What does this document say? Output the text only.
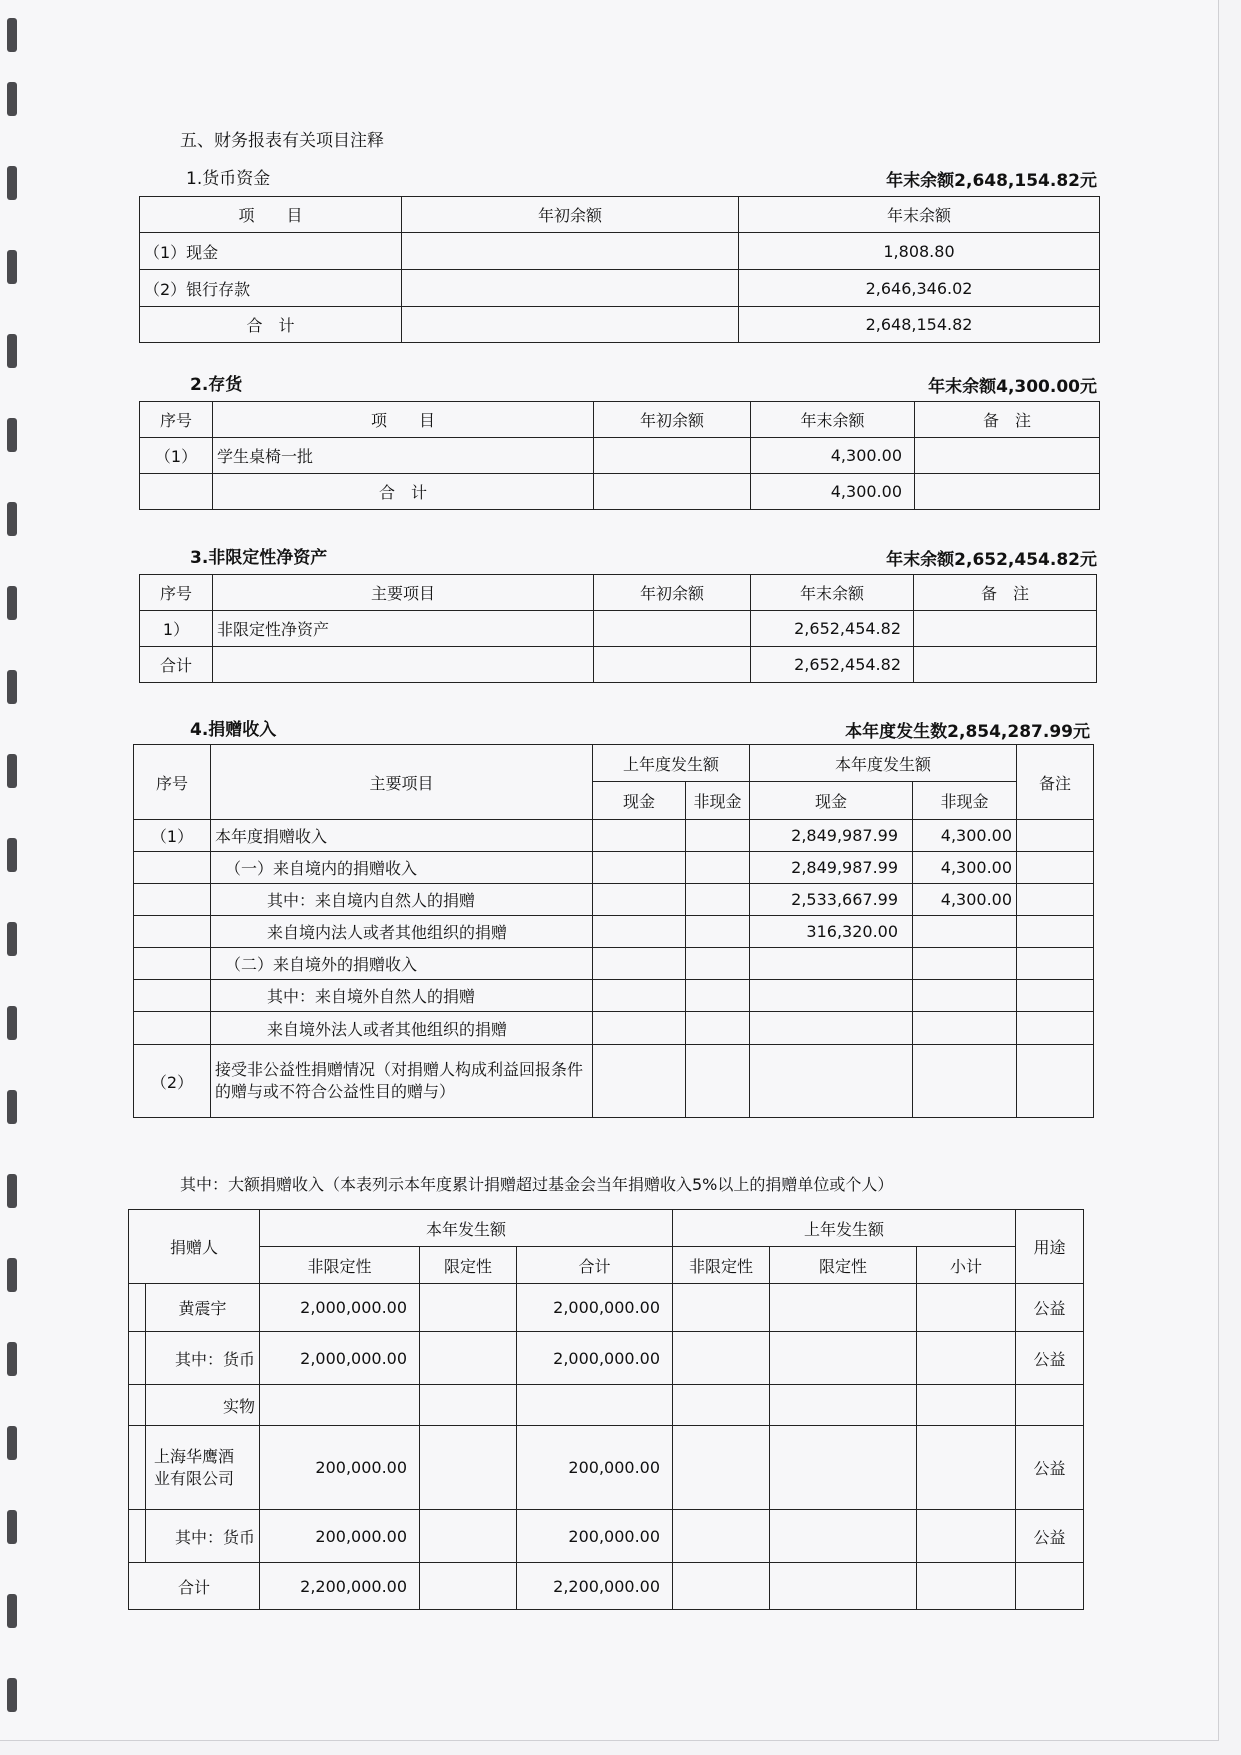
五、财务报表有关项目注释
1.货币资金	年末余额2,648,154.82元
项　　目	年初余额	年末余额
（1）现金		1,808.80
（2）银行存款		2,646,346.02
合　计		2,648,154.82
2.存货	年末余额4,300.00元
序号	项　　目	年初余额	年末余额	备　注
（1）	学生桌椅一批		4,300.00	
	合　计		4,300.00	
3.非限定性净资产	年末余额2,652,454.82元
序号	主要项目	年初余额	年末余额	备　注
1）	非限定性净资产		2,652,454.82	
合计			2,652,454.82	
4.捐赠收入	本年度发生数2,854,287.99元
序号	主要项目	上年度发生额		本年度发生额		备注
		现金	非现金	现金	非现金	
（1）	本年度捐赠收入			2,849,987.99	4,300.00	
	（一）来自境内的捐赠收入			2,849,987.99	4,300.00	
	其中：来自境内自然人的捐赠			2,533,667.99	4,300.00	
	来自境内法人或者其他组织的捐赠			316,320.00		
	（二）来自境外的捐赠收入					
	其中：来自境外自然人的捐赠					
	来自境外法人或者其他组织的捐赠					
（2）	接受非公益性捐赠情况（对捐赠人构成利益回报条件的赠与或不符合公益性目的赠与）					
其中：大额捐赠收入（本表列示本年度累计捐赠超过基金会当年捐赠收入5%以上的捐赠单位或个人）
捐赠人		本年发生额			上年发生额			用途
		非限定性	限定性	合计	非限定性	限定性	小计	
	黄震宇	2,000,000.00		2,000,000.00				公益
	其中：货币	2,000,000.00		2,000,000.00				公益
	实物							
	上海华鹰酒业有限公司	200,000.00		200,000.00				公益
	其中：货币	200,000.00		200,000.00				公益
合计		2,200,000.00		2,200,000.00				
